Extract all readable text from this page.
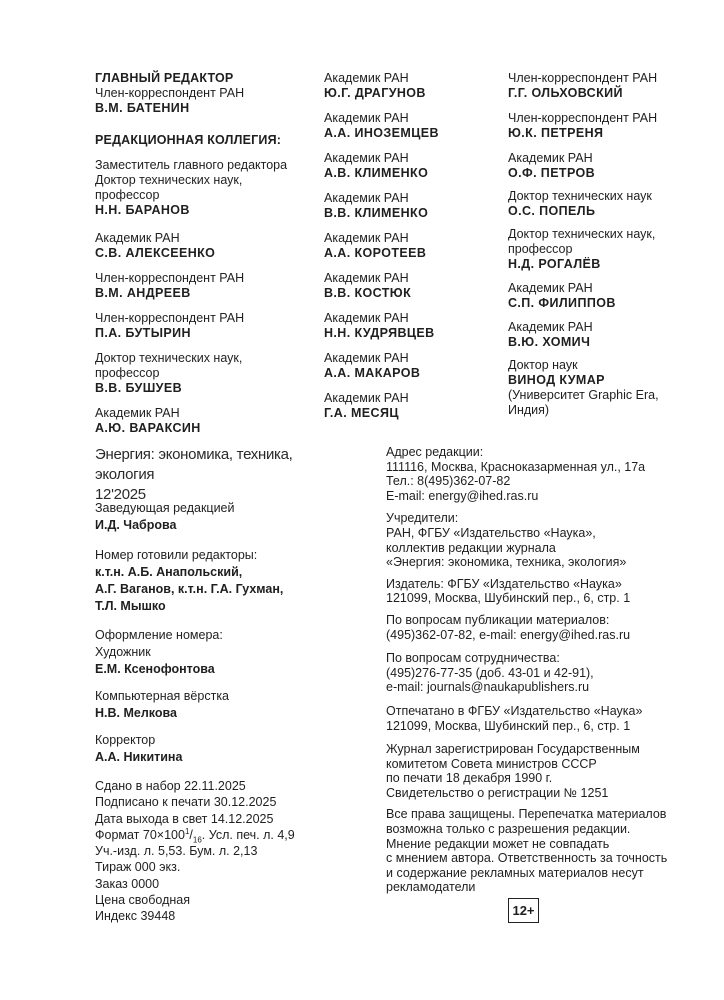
ГЛАВНЫЙ РЕДАКТОР
Член-корреспондент РАН
В.М. БАТЕНИН
РЕДАКЦИОННАЯ КОЛЛЕГИЯ:
Заместитель главного редактора
Доктор технических наук,
профессор
Н.Н. БАРАНОВ
Академик РАН
С.В. АЛЕКСЕЕНКО
Член-корреспондент РАН
В.М. АНДРЕЕВ
Член-корреспондент РАН
П.А. БУТЫРИН
Доктор технических наук,
профессор
В.В. БУШУЕВ
Академик РАН
А.Ю. ВАРАКСИН
Академик РАН
Ю.Г. ДРАГУНОВ
Академик РАН
А.А. ИНОЗЕМЦЕВ
Академик РАН
А.В. КЛИМЕНКО
Академик РАН
В.В. КЛИМЕНКО
Академик РАН
А.А. КОРОТЕЕВ
Академик РАН
В.В. КОСТЮК
Академик РАН
Н.Н. КУДРЯВЦЕВ
Академик РАН
А.А. МАКАРОВ
Академик РАН
Г.А. МЕСЯЦ
Член-корреспондент РАН
Г.Г. ОЛЬХОВСКИЙ
Член-корреспондент РАН
Ю.К. ПЕТРЕНЯ
Академик РАН
О.Ф. ПЕТРОВ
Доктор технических наук
О.С. ПОПЕЛЬ
Доктор технических наук,
профессор
Н.Д. РОГАЛЁВ
Академик РАН
С.П. ФИЛИППОВ
Академик РАН
В.Ю. ХОМИЧ
Доктор наук
ВИНОД КУМАР
(Университет Graphic Era,
Индия)
Энергия: экономика, техника, экология
12'2025
Заведующая редакцией
И.Д. Чаброва
Номер готовили редакторы:
к.т.н. А.Б. Анапольский,
А.Г. Ваганов, к.т.н. Г.А. Гухман,
Т.Л. Мышко
Оформление номера:
Художник
Е.М. Ксенофонтова
Компьютерная вёрстка
Н.В. Мелкова
Корректор
А.А. Никитина
Сдано в набор 22.11.2025
Подписано к печати 30.12.2025
Дата выхода в свет 14.12.2025
Формат $70\times 100^1/_{16}$. Усл. печ. л. 4,9
Уч.-изд. л. 5,53. Бум. л. 2,13
Тираж 000 экз.
Заказ 0000
Цена свободная
Индекс 39448
Адрес редакции:
111116, Москва, Красноказарменная ул., 17а
Тел.: 8(495)362-07-82
E-mail: energy@ihed.ras.ru
Учредители:
РАН, ФГБУ «Издательство «Наука»,
коллектив редакции журнала
«Энергия: экономика, техника, экология»
Издатель: ФГБУ «Издательство «Наука»
121099, Москва, Шубинский пер., 6, стр. 1
По вопросам публикации материалов:
(495)362-07-82, e-mail: energy@ihed.ras.ru
По вопросам сотрудничества:
(495)276-77-35 (доб. 43-01 и 42-91),
e-mail: journals@naukapublishers.ru
Отпечатано в ФГБУ «Издательство «Наука»
121099, Москва, Шубинский пер., 6, стр. 1
Журнал зарегистрирован Государственным
комитетом Совета министров СССР
по печати 18 декабря 1990 г.
Свидетельство о регистрации № 1251
Все права защищены. Перепечатка материалов
возможна только с разрешения редакции.
Мнение редакции может не совпадать
с мнением автора. Ответственность за точность
и содержание рекламных материалов несут
рекламодатели
12+
